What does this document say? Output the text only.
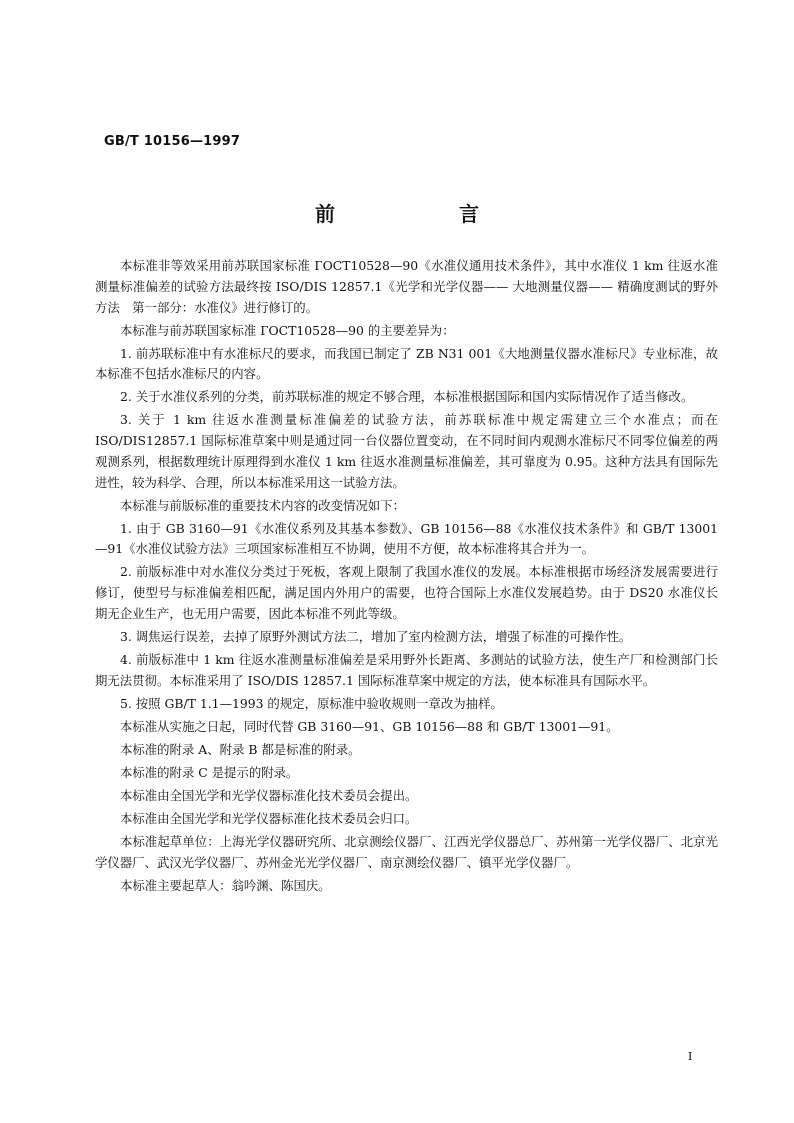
GB/T 10156—1997
前　言

本标准非等效采用前苏联国家标准 ГОСТ10528—90《水准仪通用技术条件》，其中水准仪 1 km 往返水准测量标准偏差的试验方法最终按 ISO/DIS 12857.1《光学和光学仪器—— 大地测量仪器—— 精确度测试的野外方法　第一部分：水准仪》进行修订的。

本标准与前苏联国家标准 ГОСТ10528—90 的主要差异为：

1. 前苏联标准中有水准标尺的要求，而我国已制定了 ZB N31 001《大地测量仪器水准标尺》专业标准，故本标准不包括水准标尺的内容。

2. 关于水准仪系列的分类，前苏联标准的规定不够合理，本标准根据国际和国内实际情况作了适当修改。

3. 关于 1 km 往返水准测量标准偏差的试验方法，前苏联标准中规定需建立三个水准点；而在 ISO/DIS12857.1 国际标准草案中则是通过同一台仪器位置变动，在不同时间内观测水准标尺不同零位偏差的两观测系列，根据数理统计原理得到水准仪 1 km 往返水准测量标准偏差，其可靠度为 0.95。这种方法具有国际先进性，较为科学、合理，所以本标准采用这一试验方法。

本标准与前版标准的重要技术内容的改变情况如下：

1. 由于 GB 3160—91《水准仪系列及其基本参数》、GB 10156—88《水准仪技术条件》和 GB/T 13001—91《水准仪试验方法》三项国家标准相互不协调，使用不方便，故本标准将其合并为一。

2. 前版标准中对水准仪分类过于死板，客观上限制了我国水准仪的发展。本标准根据市场经济发展需要进行修订，使型号与标准偏差相匹配，满足国内外用户的需要，也符合国际上水准仪发展趋势。由于 DS20 水准仪长期无企业生产，也无用户需要，因此本标准不列此等级。

3. 调焦运行误差，去掉了原野外测试方法二，增加了室内检测方法，增强了标准的可操作性。

4. 前版标准中 1 km 往返水准测量标准偏差是采用野外长距离、多测站的试验方法，使生产厂和检测部门长期无法贯彻。本标准采用了 ISO/DIS 12857.1 国际标准草案中规定的方法，使本标准具有国际水平。

5. 按照 GB/T 1.1—1993 的规定，原标准中验收规则一章改为抽样。

本标准从实施之日起，同时代替 GB 3160—91、GB 10156—88 和 GB/T 13001—91。

本标准的附录 A、附录 B 都是标准的附录。

本标准的附录 C 是提示的附录。

本标准由全国光学和光学仪器标准化技术委员会提出。

本标准由全国光学和光学仪器标准化技术委员会归口。

本标准起草单位：上海光学仪器研究所、北京测绘仪器厂、江西光学仪器总厂、苏州第一光学仪器厂、北京光学仪器厂、武汉光学仪器厂、苏州金光光学仪器厂、南京测绘仪器厂、镇平光学仪器厂。

本标准主要起草人：翁吟渊、陈国庆。

I
